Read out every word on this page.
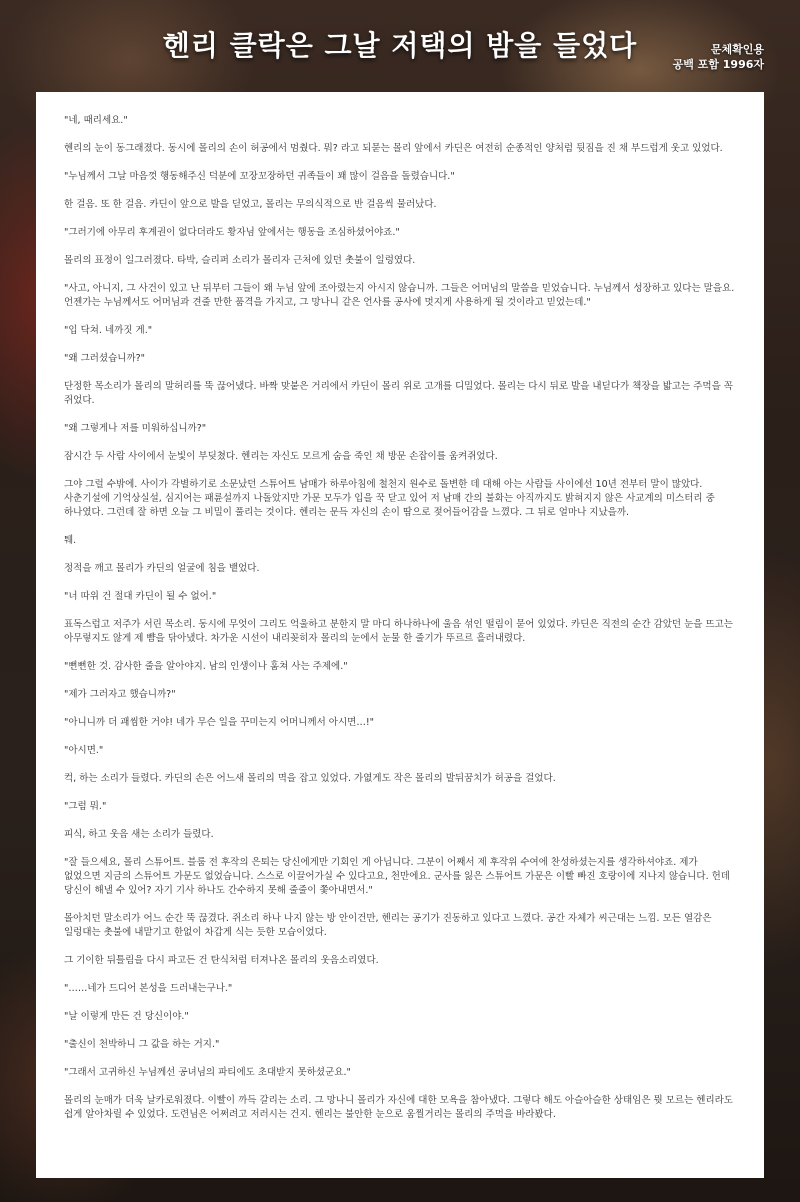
헨리 클락은 그날 저택의 밤을 들었다	문체확인용
공백 포함 1996자

"네, 때리세요."

헨리의 눈이 동그래졌다. 동시에 몰리의 손이 허공에서 멈췄다. 뭐? 라고 되묻는 몰리 앞에서 카딘은 여전히 순종적인 양처럼 뒷짐을 진 채 부드럽게 웃고 있었다.

"누님께서 그날 마음껏 행동해주신 덕분에 꼬장꼬장하던 귀족들이 꽤 많이 걸음을 돌렸습니다."

한 걸음. 또 한 걸음. 카딘이 앞으로 발을 딛었고, 몰리는 무의식적으로 반 걸음씩 물러났다.

"그러기에 아무리 후계권이 없다더라도 황자님 앞에서는 행동을 조심하셨어야죠."

몰리의 표정이 일그러졌다. 타박, 슬리퍼 소리가 몰리자 근처에 있던 촛불이 일렁였다.

"사고, 아니지, 그 사건이 있고 난 뒤부터 그들이 왜 누님 앞에 조아렸는지 아시지 않습니까. 그들은 어머님의 말씀을 믿었습니다. 누님께서 성장하고 있다는 말을요. 언젠가는 누님께서도 어머님과 견줄 만한 품격을 가지고, 그 망나니 같은 언사를 공사에 멋지게 사용하게 될 것이라고 믿었는데."

"입 닥쳐. 네까짓 게."

"왜 그러셨습니까?"

단정한 목소리가 몰리의 말허리를 뚝 끊어냈다. 바짝 맞붙은 거리에서 카딘이 몰리 위로 고개를 디밀었다. 몰리는 다시 뒤로 발을 내딛다가 책장을 밟고는 주먹을 꼭 쥐었다.

"왜 그렇게나 저를 미워하십니까?"

잠시간 두 사람 사이에서 눈빛이 부딪쳤다. 헨리는 자신도 모르게 숨을 죽인 채 방문 손잡이를 움켜쥐었다.

그야 그럴 수밖에. 사이가 각별하기로 소문났던 스튜어트 남매가 하루아침에 철천지 원수로 돌변한 데 대해 아는 사람들 사이에선 10년 전부터 말이 많았다. 사춘기설에 기억상실설, 심지어는 패륜설까지 나돌았지만 가문 모두가 입을 꾹 닫고 있어 저 남매 간의 불화는 아직까지도 밝혀지지 않은 사교계의 미스터리 중 하나였다. 그런데 잘 하면 오늘 그 비밀이 풀리는 것이다. 헨리는 문득 자신의 손이 땀으로 젖어들어감을 느꼈다. 그 뒤로 얼마나 지났을까.

퉤.

정적을 깨고 몰리가 카딘의 얼굴에 침을 뱉었다.

"너 따위 건 절대 카딘이 될 수 없어."

표독스럽고 저주가 서린 목소리. 동시에 무엇이 그리도 억울하고 분한지 말 마디 하나하나에 울음 섞인 떨림이 묻어 있었다. 카딘은 직전의 순간 감았던 눈을 뜨고는 아무렇지도 않게 제 뺨을 닦아냈다. 차가운 시선이 내리꽂히자 몰리의 눈에서 눈물 한 줄기가 뚜르르 흘러내렸다.

"뻔뻔한 것. 감사한 줄을 알아야지. 남의 인생이나 훔쳐 사는 주제에."

"제가 그러자고 했습니까?"

"아니니까 더 괘씸한 거야! 네가 무슨 일을 꾸미는지 어머니께서 아시면…!"

"아시면."

컥, 하는 소리가 들렸다. 카딘의 손은 어느새 몰리의 멱을 잡고 있었다. 가엾게도 작은 몰리의 발뒤꿈치가 허공을 걸었다.

"그럼 뭐."

피식, 하고 웃음 새는 소리가 들렸다.

"잘 들으세요, 몰리 스튜어트. 블룸 전 후작의 은퇴는 당신에게만 기회인 게 아닙니다. 그분이 어째서 제 후작위 수여에 찬성하셨는지를 생각하셔야죠. 제가 없었으면 지금의 스튜어트 가문도 없었습니다. 스스로 이끌어가실 수 있다고요, 천만에요. 군사를 잃은 스튜어트 가문은 이빨 빠진 호랑이에 지나지 않습니다. 헌데 당신이 해낼 수 있어? 자기 기사 하나도 간수하지 못해 줄줄이 쫓아내면서."

몰아치던 말소리가 어느 순간 뚝 끊겼다. 쥐소리 하나 나지 않는 방 안이건만, 헨리는 공기가 진동하고 있다고 느꼈다. 공간 자체가 씨근대는 느낌. 모든 열감은 일렁대는 촛불에 내맡기고 한없이 차갑게 식는 듯한 모습이었다.

그 기이한 뒤틀림을 다시 파고든 건 탄식처럼 터져나온 몰리의 웃음소리였다.

"……네가 드디어 본성을 드러내는구나."

"날 이렇게 만든 건 당신이야."

"출신이 천박하니 그 값을 하는 거지."

"그래서 고귀하신 누님께선 공녀님의 파티에도 초대받지 못하셨군요."

몰리의 눈매가 더욱 날카로워졌다. 이빨이 까득 갈리는 소리. 그 망나니 몰리가 자신에 대한 모욕을 참아냈다. 그렇다 해도 아슬아슬한 상태임은 뭣 모르는 헨리라도 쉽게 알아차릴 수 있었다. 도련님은 어쩌려고 저러시는 건지. 헨리는 불안한 눈으로 움찔거리는 몰리의 주먹을 바라봤다.
